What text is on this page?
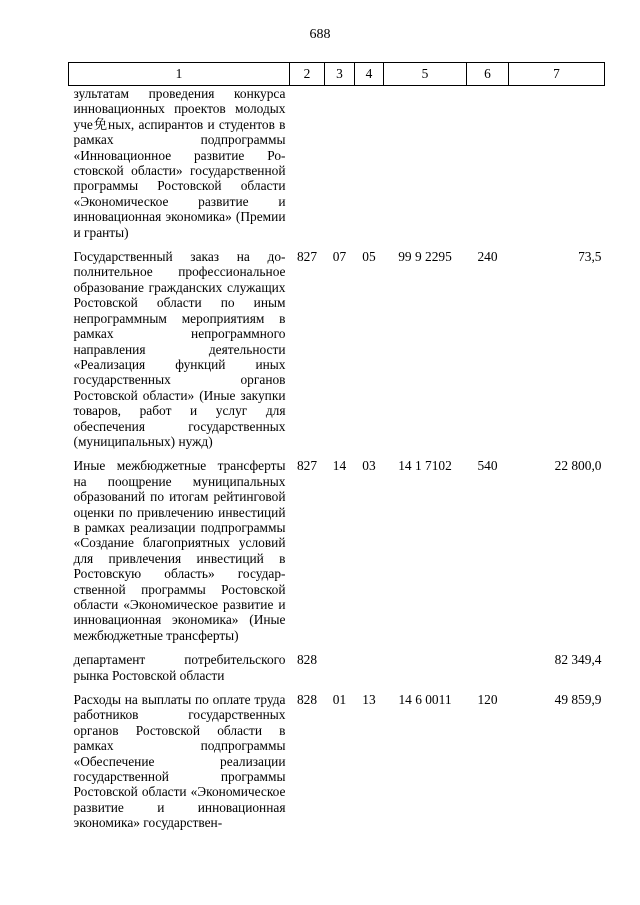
688
1	2	3	4	5	6	7
зультатам проведения конкурса инновационных проектов молодых уче免ных, аспирантов и студентов в рамках подпрограммы «Инновационное развитие Ростовской области» государственной программы Ростовской области «Экономическое развитие и инновационная экономика» (Премии и гранты)						

Государственный заказ на дополнительное профессиональное образование гражданских служащих Ростовской области по иным непрограммным мероприятиям в рамках непрограммного направления деятельности «Реализация функций иных государственных органов Ростовской области» (Иные закупки товаров, работ и услуг для обеспечения государственных (муниципальных) нужд)	827	07	05	99 9 2295	240	73,5

Иные межбюджетные трансферты на поощрение муниципальных образований по итогам рейтинговой оценки по привлечению инвестиций в рамках реализации подпрограммы «Создание благоприятных условий для привлечения инвестиций в Ростовскую область» государственной программы Ростовской области «Экономическое развитие и инновационная экономика» (Иные межбюджетные трансферты)	827	14	03	14 1 7102	540	22 800,0

департамент потребительского рынка Ростовской области	828					82 349,4

Расходы на выплаты по оплате труда работников государственных органов Ростовской области в рамках подпрограммы «Обеспечение реализации государственной программы Ростовской области «Экономическое развитие и инновационная экономика» государствен-	828	01	13	14 6 0011	120	49 859,9
